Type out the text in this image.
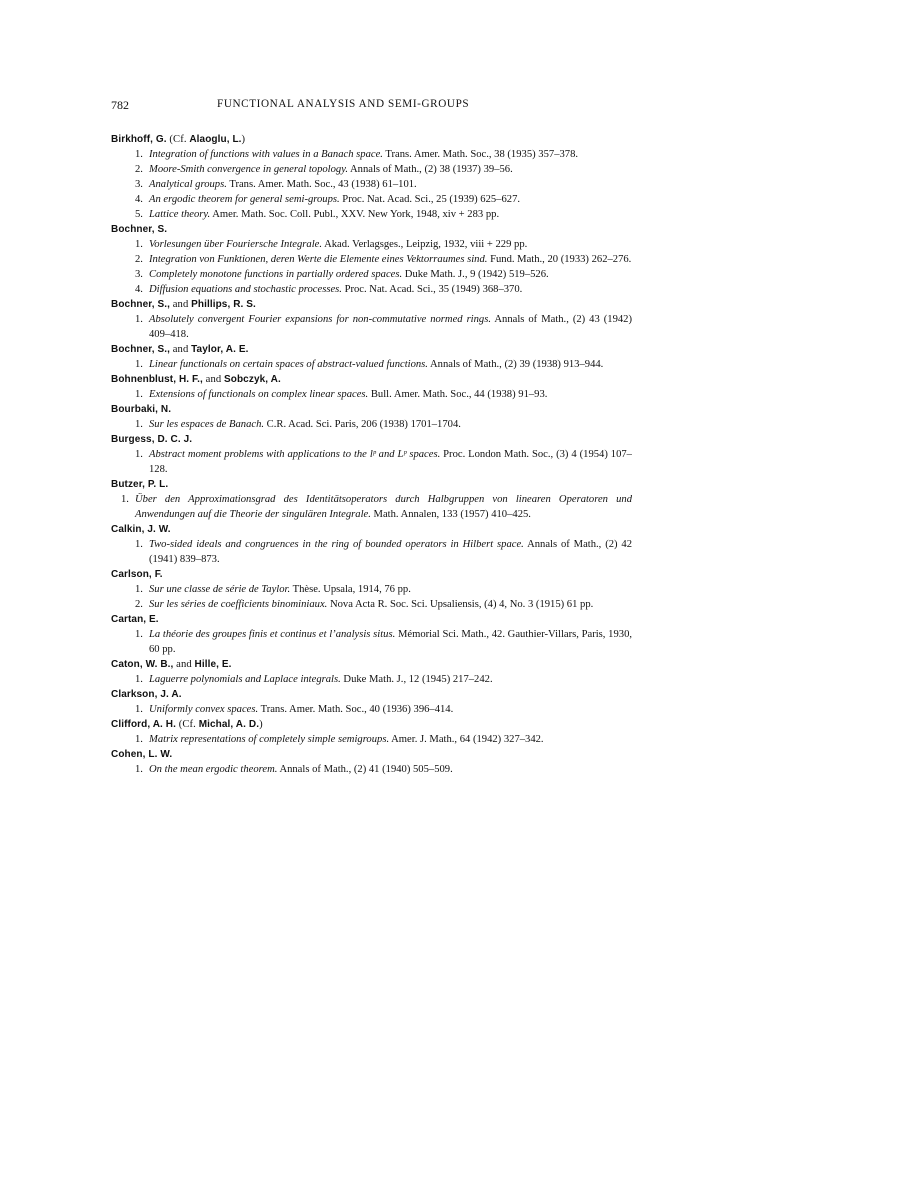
782	FUNCTIONAL ANALYSIS AND SEMI-GROUPS
Birkhoff, G. (Cf. Alaoglu, L.)
1. Integration of functions with values in a Banach space. Trans. Amer. Math. Soc., 38 (1935) 357–378.
2. Moore-Smith convergence in general topology. Annals of Math., (2) 38 (1937) 39–56.
3. Analytical groups. Trans. Amer. Math. Soc., 43 (1938) 61–101.
4. An ergodic theorem for general semi-groups. Proc. Nat. Acad. Sci., 25 (1939) 625–627.
5. Lattice theory. Amer. Math. Soc. Coll. Publ., XXV. New York, 1948, xiv + 283 pp.
Bochner, S.
1. Vorlesungen über Fouriersche Integrale. Akad. Verlagsges., Leipzig, 1932, viii + 229 pp.
2. Integration von Funktionen, deren Werte die Elemente eines Vektorraumes sind. Fund. Math., 20 (1933) 262–276.
3. Completely monotone functions in partially ordered spaces. Duke Math. J., 9 (1942) 519–526.
4. Diffusion equations and stochastic processes. Proc. Nat. Acad. Sci., 35 (1949) 368–370.
Bochner, S., and Phillips, R. S.
1. Absolutely convergent Fourier expansions for non-commutative normed rings. Annals of Math., (2) 43 (1942) 409–418.
Bochner, S., and Taylor, A. E.
1. Linear functionals on certain spaces of abstract-valued functions. Annals of Math., (2) 39 (1938) 913–944.
Bohnenblust, H. F., and Sobczyk, A.
1. Extensions of functionals on complex linear spaces. Bull. Amer. Math. Soc., 44 (1938) 91–93.
Bourbaki, N.
1. Sur les espaces de Banach. C.R. Acad. Sci. Paris, 206 (1938) 1701–1704.
Burgess, D. C. J.
1. Abstract moment problems with applications to the lᵖ and Lᵖ spaces. Proc. London Math. Soc., (3) 4 (1954) 107–128.
Butzer, P. L.
1. Über den Approximationsgrad des Identitätsoperators durch Halbgruppen von linearen Operatoren und Anwendungen auf die Theorie der singulären Integrale. Math. Annalen, 133 (1957) 410–425.
Calkin, J. W.
1. Two-sided ideals and congruences in the ring of bounded operators in Hilbert space. Annals of Math., (2) 42 (1941) 839–873.
Carlson, F.
1. Sur une classe de série de Taylor. Thèse. Upsala, 1914, 76 pp.
2. Sur les séries de coefficients binominiaux. Nova Acta R. Soc. Sci. Upsaliensis, (4) 4, No. 3 (1915) 61 pp.
Cartan, E.
1. La théorie des groupes finis et continus et l’analysis situs. Mémorial Sci. Math., 42. Gauthier-Villars, Paris, 1930, 60 pp.
Caton, W. B., and Hille, E.
1. Laguerre polynomials and Laplace integrals. Duke Math. J., 12 (1945) 217–242.
Clarkson, J. A.
1. Uniformly convex spaces. Trans. Amer. Math. Soc., 40 (1936) 396–414.
Clifford, A. H. (Cf. Michal, A. D.)
1. Matrix representations of completely simple semigroups. Amer. J. Math., 64 (1942) 327–342.
Cohen, L. W.
1. On the mean ergodic theorem. Annals of Math., (2) 41 (1940) 505–509.
